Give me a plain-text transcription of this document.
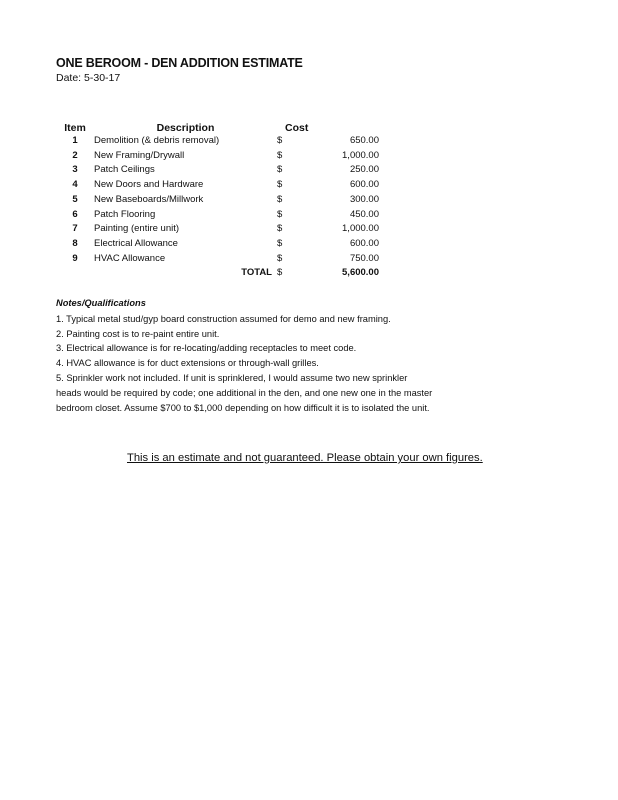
ONE BEROOM - DEN ADDITION ESTIMATE
Date: 5-30-17
Item	Description	Cost	
1	Demolition (& debris removal)	$	650.00
2	New Framing/Drywall	$	1,000.00
3	Patch Ceilings	$	250.00
4	New Doors and Hardware	$	600.00
5	New Baseboards/Millwork	$	300.00
6	Patch Flooring	$	450.00
7	Painting (entire unit)	$	1,000.00
8	Electrical Allowance	$	600.00
9	HVAC Allowance	$	750.00
	TOTAL	$	5,600.00

Notes/Qualifications

1. Typical metal stud/gyp board construction assumed for demo and new framing.

2. Painting cost is to re-paint entire unit.

3. Electrical allowance is for re-locating/adding receptacles to meet code.

4. HVAC allowance is for duct extensions or through-wall grilles.

5. Sprinkler work not included. If unit is sprinklered, I would assume two new sprinkler

heads would be required by code; one additional in the den, and one new one in the master

bedroom closet. Assume $700 to $1,000 depending on how difficult it is to isolated the unit.

This is an estimate and not guaranteed. Please obtain your own figures.
